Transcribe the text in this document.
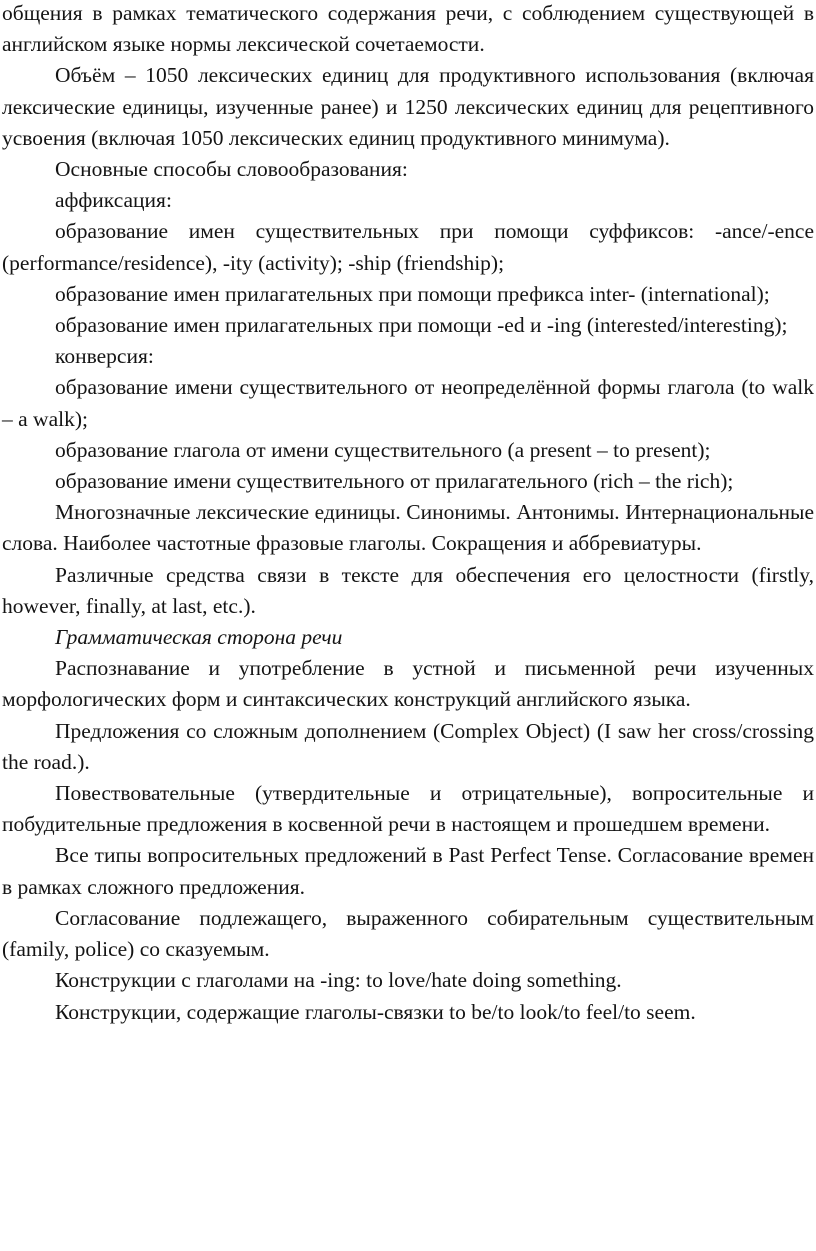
общения в рамках тематического содержания речи, с соблюдением существующей в английском языке нормы лексической сочетаемости.

Объём – 1050 лексических единиц для продуктивного использования (включая лексические единицы, изученные ранее) и 1250 лексических единиц для рецептивного усвоения (включая 1050 лексических единиц продуктивного минимума).

Основные способы словообразования:

аффиксация:

образование имен существительных при помощи суффиксов: -ance/-ence (performance/residence), -ity (activity); -ship (friendship);

образование имен прилагательных при помощи префикса inter- (international);

образование имен прилагательных при помощи -ed и -ing (interested/interesting);

конверсия:

образование имени существительного от неопределённой формы глагола (to walk – a walk);

образование глагола от имени существительного (a present – to present);

образование имени существительного от прилагательного (rich – the rich);

Многозначные лексические единицы. Синонимы. Антонимы. Интернациональные слова. Наиболее частотные фразовые глаголы. Сокращения и аббревиатуры.

Различные средства связи в тексте для обеспечения его целостности (firstly, however, finally, at last, etc.).

Грамматическая сторона речи

Распознавание и употребление в устной и письменной речи изученных морфологических форм и синтаксических конструкций английского языка.

Предложения со сложным дополнением (Complex Object) (I saw her cross/crossing the road.).

Повествовательные (утвердительные и отрицательные), вопросительные и побудительные предложения в косвенной речи в настоящем и прошедшем времени.

Все типы вопросительных предложений в Past Perfect Tense. Согласование времен в рамках сложного предложения.

Согласование подлежащего, выраженного собирательным существительным (family, police) со сказуемым.

Конструкции с глаголами на -ing: to love/hate doing something.

Конструкции, содержащие глаголы-связки to be/to look/to feel/to seem.
